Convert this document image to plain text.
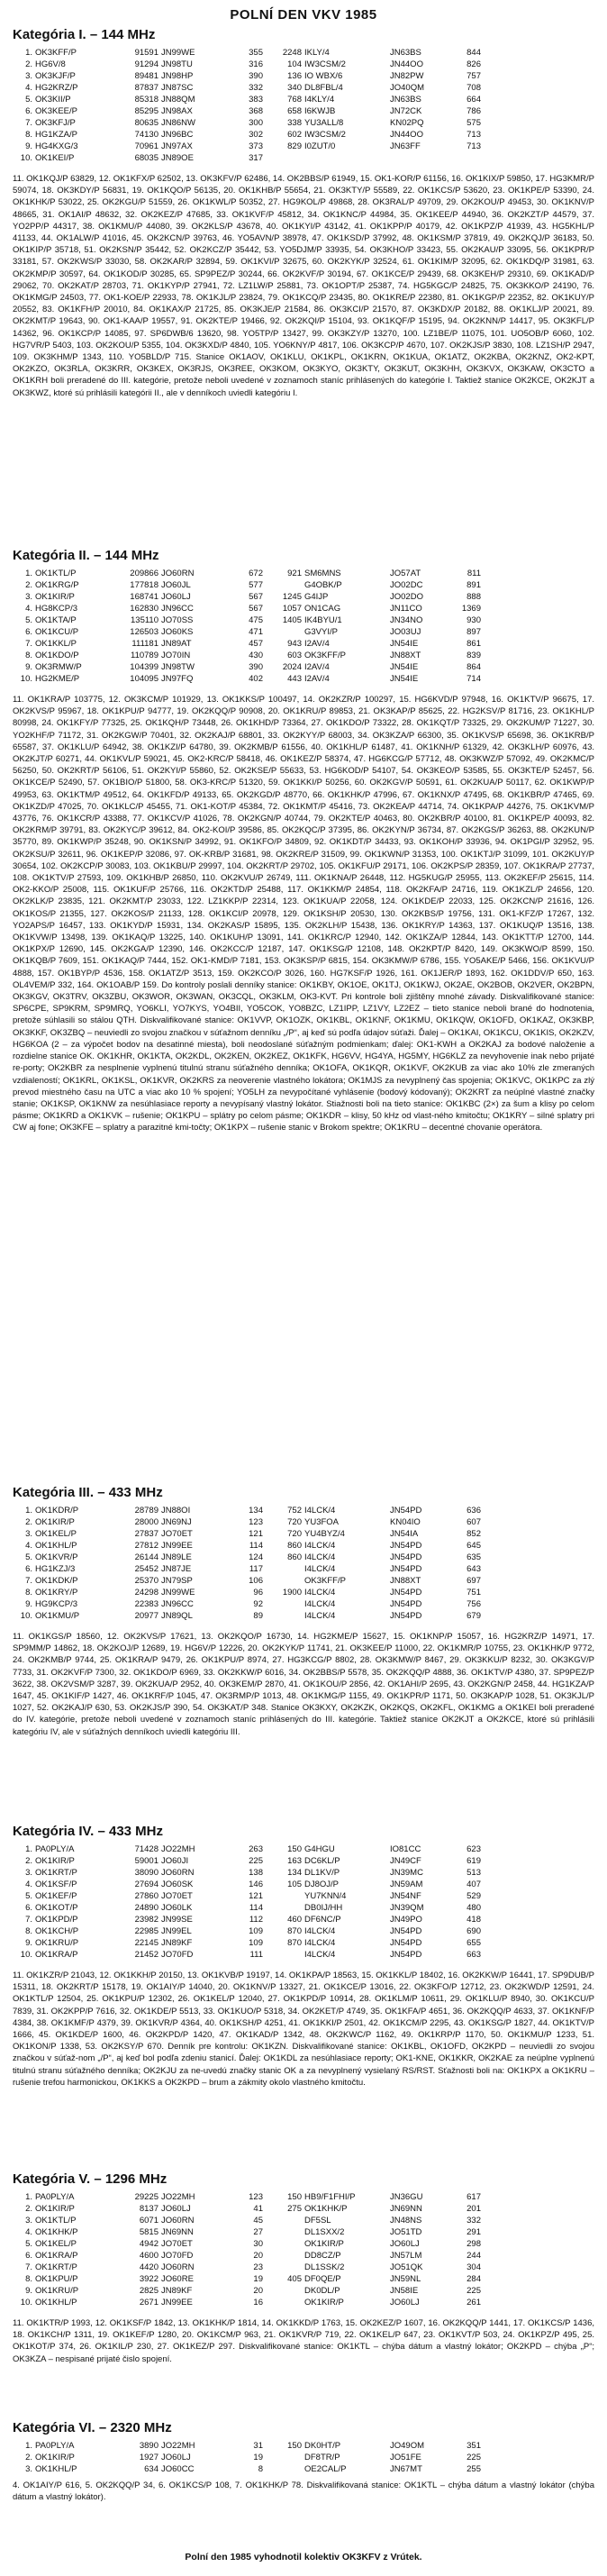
POLNÍ DEN VKV 1985
Kategória I. – 144 MHz
1.	OK3KFF/P	91591	JN99WE	355	2248	IKLY/4	JN63BS	844
2.	HG6V/8	91294	JN98TU	316	104	IW3CSM/2	JN44OO	826
3.	OK3KJF/P	89481	JN98HP	390	136	IO WBX/6	JN82PW	757
4.	HG2KRZ/P	87837	JN87SC	332	340	DL8FBL/4	JO40QM	708
5.	OK3KII/P	85318	JN88QM	383	768	I4KLY/4	JN63BS	664
6.	OK3KEE/P	85295	JN98AX	368	658	I6KWJB	JN72CK	786
7.	OK3KFJ/P	80635	JN86NW	300	338	YU3ALL/8	KN02PQ	575
8.	HG1KZA/P	74130	JN96BC	302	602	IW3CSM/2	JN44OO	713
9.	HG4KXG/3	70961	JN97AX	373	829	I0ZUT/0	JN63FF	713
10.	OK1KEI/P	68035	JN89OE	317				

11. OK1KQJ/P 63829, 12. OK1KFX/P 62502, 13. OK3KFV/P 62486, 14. OK2BBS/P 61949, 15. OK1-KOR/P 61156, 16. OK1KIX/P 59850, 17. HG3KMR/P 59074, 18. OK3KDY/P 56831, 19. OK1KQO/P 56135, 20. OK1KHB/P 55654, 21. OK3KTY/P 55589, 22. OK1KCS/P 53620, 23. OK1KPE/P 53390, 24. OK1KHK/P 53022, 25. OK2KGU/P 51559, 26. OK1KWL/P 50352, 27. HG9KOL/P 49868, 28. OK3RAL/P 49709, 29. OK2KOU/P 49453, 30. OK1KNV/P 48665, 31. OK1AI/P 48632, 32. OK2KEZ/P 47685, 33. OK1KVF/P 45812, 34. OK1KNC/P 44984, 35. OK1KEE/P 44940, 36. OK2KZT/P 44579, 37. YO2PP/P 44317, 38. OK1KMU/P 44080, 39. OK2KLS/P 43678, 40. OK1KYI/P 43142, 41. OK1KPP/P 40179, 42. OK1KPZ/P 41939, 43. HG5KHL/P 41133, 44. OK1ALW/P 41016, 45. OK2KCN/P 39763, 46. YO5AVN/P 38978, 47. OK1KSD/P 37992, 48. OK1KSM/P 37819, 49. OK2KQJ/P 36183, 50. OK1KIP/P 35718, 51. OK2KSN/P 35442, 52. OK2KCZ/P 35442, 53. YO5DJM/P 33935, 54. OK3KHO/P 33423, 55. OK2KAU/P 33095, 56. OK1KPR/P 33181, 57. OK2KWS/P 33030, 58. OK2KAR/P 32894, 59. OK1KVI/P 32675, 60. OK2KYK/P 32524, 61. OK1KIM/P 32095, 62. OK1KDQ/P 31981, 63. OK2KMP/P 30597, 64. OK1KOD/P 30285, 65. SP9PEZ/P 30244, 66. OK2KVF/P 30194, 67. OK1KCE/P 29439, 68. OK3KEH/P 29310, 69. OK1KAD/P 29062, 70. OK2KAT/P 28703, 71. OK1KYP/P 27941, 72. LZ1LW/P 25881, 73. OK1OPT/P 25387, 74. HG5KGC/P 24825, 75. OK3KKO/P 24190, 76. OK1KMG/P 24503, 77. OK1-KOE/P 22933, 78. OK1KJL/P 23824, 79. OK1KCQ/P 23435, 80. OK1KRE/P 22380, 81. OK1KGP/P 22352, 82. OK1KUY/P 20552, 83. OK1KFH/P 20010, 84. OK1KAX/P 21725, 85. OK3KJE/P 21584, 86. OK3KCI/P 21570, 87. OK3KDX/P 20182, 88. OK1KLJ/P 20021, 89. OK2KMT/P 19643, 90. OK1-KAA/P 19557, 91. OK2KTE/P 19466, 92. OK2KQI/P 15104, 93. OK1KQF/P 15195, 94. OK2KNN/P 14417, 95. OK3KFL/P 14362, 96. OK1KCP/P 14085, 97. SP6DWB/6 13620, 98. YO5TP/P 13427, 99. OK3KZY/P 13270, 100. LZ1BE/P 11075, 101. UO5OB/P 6060, 102. HG7VR/P 5403, 103. OK2KOU/P 5355, 104. OK3KXD/P 4840, 105. YO6KNY/P 4817, 106. OK3KCP/P 4670, 107. OK2KJS/P 3830, 108. LZ1SH/P 2947, 109. OK3KHM/P 1343, 110. YO5BLD/P 715. Stanice OK1AOV, OK1KLU, OK1KPL, OK1KRN, OK1KUA, OK1ATZ, OK2KBA, OK2KNZ, OK2-KPT, OK2KZO, OK3RLA, OK3KRR, OK3KEX, OK3RJS, OK3REE, OK3KOM, OK3KYO, OK3KTY, OK3KUT, OK3KHH, OK3KVX, OK3KAW, OK3CTO a OK1KRH boli preradené do III. kategórie, pretože neboli uvedené v zoznamoch staníc prihlásených do kategórie I. Taktiež stanice OK2KCE, OK2KJT a OK3KWZ, ktoré sú prihlásili kategórii II., ale v denníkoch uviedli kategóriu I.

Kategória II. – 144 MHz
1.	OK1KTL/P	209866	JO60RN	672	921	SM6MNS	JO57AT	811
2.	OK1KRG/P	177818	JO60JL	577		G4OBK/P	JO02DC	891
3.	OK1KIR/P	168741	JO60LJ	567	1245	G4IJP	JO02DO	888
4.	HG8KCP/3	162830	JN96CC	567	1057	ON1CAG	JN11CO	1369
5.	OK1KTA/P	135110	JO70SS	475	1405	IK4BYU/1	JN34NO	930
6.	OK1KCU/P	126503	JO60KS	471		G3VYI/P	JO03UJ	897
7.	OK1KKL/P	111181	JN89AT	457	943	I2AV/4	JN54IE	861
8.	OK1KDO/P	110789	JO70IN	430	603	OK3KFF/P	JN88XT	839
9.	OK3RMW/P	104399	JN98TW	390	2024	I2AV/4	JN54IE	864
10.	HG2KME/P	104095	JN97FQ	402	443	I2AV/4	JN54IE	714

11. OK1KRA/P 103775, 12. OK3KCM/P 101929, 13. OK1KKS/P 100497, 14. OK2KZR/P 100297, 15. HG6KVD/P 97948, 16. OK1KTV/P 96675, 17. OK2KVS/P 95967, 18. OK1KPU/P 94777, 19. OK2KQQ/P 90908, 20. OK1KRU/P 89853, 21. OK3KAP/P 85625, 22. HG2KSV/P 81716, 23. OK1KHL/P 80998, 24. OK1KFY/P 77325, 25. OK1KQH/P 73448, 26. OK1KHD/P 73364, 27. OK1KDO/P 73322, 28. OK1KQT/P 73325, 29. OK2KUM/P 71227, 30. YO2KHF/P 71172, 31. OK2KGW/P 70401, 32. OK2KAJ/P 68801, 33. OK2KYY/P 68003, 34. OK3KZA/P 66300, 35. OK1KVS/P 65698, 36. OK1KRB/P 65587, 37. OK1KLU/P 64942, 38. OK1KZI/P 64780, 39. OK2KMB/P 61556, 40. OK1KHL/P 61487, 41. OK1KNH/P 61329, 42. OK3KLH/P 60976, 43. OK2KJT/P 60271, 44. OK1KVL/P 59021, 45. OK2-KRC/P 58418, 46. OK1KEZ/P 58374, 47. HG6KCG/P 57712, 48. OK3KWZ/P 57092, 49. OK2KMC/P 56250, 50. OK2KRT/P 56106, 51. OK2KYI/P 55860, 52. OK2KSE/P 55633, 53. HG6KOD/P 54107, 54. OK3KEO/P 53585, 55. OK3KTE/P 52457, 56. OK1KCE/P 52490, 57. OK1BIO/P 51800, 58. OK3-KRC/P 51320, 59. OK1KKI/P 50256, 60. OK2KGV/P 50591, 61. OK2KUA/P 50117, 62. OK1KWP/P 49953, 63. OK1KTM/P 49512, 64. OK1KFD/P 49133, 65. OK2KGD/P 48770, 66. OK1KHK/P 47996, 67. OK1KNX/P 47495, 68. OK1KBR/P 47465, 69. OK1KZD/P 47025, 70. OK1KLC/P 45455, 71. OK1-KOT/P 45384, 72. OK1KMT/P 45416, 73. OK2KEA/P 44714, 74. OK1KPA/P 44276, 75. OK1KVM/P 43776, 76. OK1KCR/P 43388, 77. OK1KCV/P 41026, 78. OK2KGN/P 40744, 79. OK2KTE/P 40463, 80. OK2KBR/P 40100, 81. OK1KPE/P 40093, 82. OK2KRM/P 39791, 83. OK2KYC/P 39612, 84. OK2-KOI/P 39586, 85. OK2KQC/P 37395, 86. OK2KYN/P 36734, 87. OK2KGS/P 36263, 88. OK2KUN/P 35770, 89. OK1KWP/P 35248, 90. OK1KSN/P 34992, 91. OK1KFO/P 34809, 92. OK1KDT/P 34433, 93. OK1KOH/P 33936, 94. OK1PGI/P 32952, 95. OK2KSU/P 32611, 96. OK1KEP/P 32086, 97. OK-KRB/P 31681, 98. OK2KRE/P 31509, 99. OK1KWN/P 31353, 100. OK1KTJ/P 31099, 101. OK2KUY/P 30654, 102. OK2KCP/P 30083, 103. OK1KBU/P 29997, 104. OK2KRT/P 29702, 105. OK1KFU/P 29171, 106. OK2KPS/P 28359, 107. OK1KRA/P 27737, 108. OK1KTV/P 27593, 109. OK1KHB/P 26850, 110. OK2KVU/P 26749, 111. OK1KNA/P 26448, 112. HG5KUG/P 25955, 113. OK2KEF/P 25615, 114. OK2-KKO/P 25008, 115. OK1KUF/P 25766, 116. OK2KTD/P 25488, 117. OK1KKM/P 24854, 118. OK2KFA/P 24716, 119. OK1KZL/P 24656, 120. OK2KLK/P 23835, 121. OK2KMT/P 23033, 122. LZ1KKP/P 22314, 123. OK1KUA/P 22058, 124. OK1KDE/P 22033, 125. OK2KCN/P 21616, 126. OK1KOS/P 21355, 127. OK2KOS/P 21133, 128. OK1KCI/P 20978, 129. OK1KSH/P 20530, 130. OK2KBS/P 19756, 131. OK1-KFZ/P 17267, 132. YO2APS/P 16457, 133. OK1KYD/P 15931, 134. OK2KAS/P 15895, 135. OK2KLH/P 15438, 136. OK1KRY/P 14363, 137. OK1KUQ/P 13516, 138. OK1KVW/P 13498, 139. OK1KAQ/P 13225, 140. OK1KUH/P 13091, 141. OK1KRC/P 12940, 142. OK1KZA/P 12844, 143. OK1KTT/P 12700, 144. OK1KPX/P 12690, 145. OK2KGA/P 12390, 146. OK2KCC/P 12187, 147. OK1KSG/P 12108, 148. OK2KPT/P 8420, 149. OK3KWO/P 8599, 150. OK1KQB/P 7609, 151. OK1KAQ/P 7444, 152. OK1-KMD/P 7181, 153. OK3KSP/P 6815, 154. OK3KMW/P 6786, 155. YO5AKE/P 5466, 156. OK1KVU/P 4888, 157. OK1BYP/P 4536, 158. OK1ATZ/P 3513, 159. OK2KCO/P 3026, 160. HG7KSF/P 1926, 161. OK1JER/P 1893, 162. OK1DDV/P 650, 163. OL4VEM/P 332, 164. OK1OAB/P 159. Do kontroly poslali denníky stanice: OK1KBY, OK1OE, OK1TJ, OK1KWJ, OK2AE, OK2BOB, OK2VER, OK2BPN, OK3KGV, OK3TRV, OK3ZBU, OK3WOR, OK3WAN, OK3CQL, OK3KLM, OK3-KVT. Pri kontrole boli zjištěny mnohé závady. Diskvalifikované stanice: SP6CPE, SP9KRM, SP9MRQ, YO6KLI, YO7KYS, YO4BII, YO5COK, YO8BZC, LZ1IPP, LZ1VY, LZ2EZ – tieto stanice neboli brané do hodnotenia, pretože súhlasili so stálou QTH. Diskvalifikované stanice: OK1VVP, OK1OZK, OK1KBL, OK1KNF, OK1KMU, OK1KQW, OK1OFD, OK1KAZ, OK3KBP, OK3KKF, OK3ZBQ – neuviedli zo svojou značkou v súťažnom denníku „/P“, aj keď sú podľa údajov súťaži. Ďalej – OK1KAI, OK1KCU, OK1KIS, OK2KZV, HG6KOA (2 – za výpočet bodov na desatinné miesta), boli neodoslané súťažným podmienkam; ďalej: OK1-KWH a OK2KAJ za bodové naloženie a rozdielne stanice OK. OK1KHR, OK1KTA, OK2KDL, OK2KEN, OK2KEZ, OK1KFK, HG6VV, HG4YA, HG5MY, HG6KLZ za nevyhovenie inak nebo prijaté re-porty; OK2KBR za nesplnenie vyplnenú titulnú stranu súťažného denníka; OK1OFA, OK1KQR, OK1KVF, OK2KUB za viac ako 10% zle zmeraných vzdialeností; OK1KRL, OK1KSL, OK1KVR, OK2KRS za neoverenie vlastného lokátora; OK1MJS za nevyplnený čas spojenia; OK1KVC, OK1KPC za zlý prevod miestného času na UTC a viac ako 10 % spojení; YO5LH za nevypočítané vyhlásenie (bodový kódovaný); OK2KRT za neúplné vlastné značky stanie; OK1KSP, OK1KNW za nesúhlasiace reporty a nevypísaný vlastný lokátor. Stiažnosti boli na tieto stanice: OK1KBC (2×) za šum a klisy po celom pásme; OK1KRD a OK1KVK – rušenie; OK1KPU – splátry po celom pásme; OK1KDR – klisy, 50 kHz od vlast-ného kmitočtu; OK1KRY – silné splatry pri CW aj fone; OK3KFE – splatry a parazitné kmi-točty; OK1KPX – rušenie stanic v Brokom spektre; OK1KRU – decentné chovanie operátora.

Kategória III. – 433 MHz
1.	OK1KDR/P	28789	JN88OI	134	752	I4LCK/4	JN54PD	636
2.	OK1KIR/P	28000	JN69NJ	123	720	YU3FOA	KN04IO	607
3.	OK1KEL/P	27837	JO70ET	121	720	YU4BYZ/4	JN54IA	852
4.	OK1KHL/P	27812	JN99EE	114	860	I4LCK/4	JN54PD	645
5.	OK1KVR/P	26144	JN89LE	124	860	I4LCK/4	JN54PD	635
6.	HG1KZJ/3	25452	JN87JE	117		I4LCK/4	JN54PD	643
7.	OK1KDK/P	25370	JN79SP	106		OK3KFF/P	JN88XT	697
8.	OK1KRY/P	24298	JN99WE	96	1900	I4LCK/4	JN54PD	751
9.	HG9KCP/3	22383	JN96CC	92		I4LCK/4	JN54PD	756
10.	OK1KMU/P	20977	JN89QL	89		I4LCK/4	JN54PD	679

11. OK1KGS/P 18560, 12. OK2KVS/P 17621, 13. OK2KQO/P 16730, 14. HG2KME/P 15627, 15. OK1KNP/P 15057, 16. HG2KRZ/P 14971, 17. SP9MM/P 14862, 18. OK2KOJ/P 12689, 19. HG6V/P 12226, 20. OK2KYK/P 11741, 21. OK3KEE/P 11000, 22. OK1KMR/P 10755, 23. OK1KHK/P 9772, 24. OK2KMB/P 9744, 25. OK1KRA/P 9479, 26. OK1KPU/P 8974, 27. HG3KCG/P 8802, 28. OK3KMW/P 8467, 29. OK3KKU/P 8232, 30. OK3KGV/P 7733, 31. OK2KVF/P 7300, 32. OK1KDO/P 6969, 33. OK2KKW/P 6016, 34. OK2BBS/P 5578, 35. OK2KQQ/P 4888, 36. OK1KTV/P 4380, 37. SP9PEZ/P 3622, 38. OK2VSM/P 3287, 39. OK2KUA/P 2952, 40. OK3KEM/P 2870, 41. OK1KOU/P 2856, 42. OK1AHI/P 2695, 43. OK2KGN/P 2458, 44. HG1KZA/P 1647, 45. OK1KIF/P 1427, 46. OK1KRF/P 1045, 47. OK3RMP/P 1013, 48. OK1KMG/P 1155, 49. OK1KPR/P 1171, 50. OK3KAP/P 1028, 51. OK3KJL/P 1027, 52. OK2KAJ/P 630, 53. OK2KJS/P 390, 54. OK3KAT/P 348. Stanice OK3KXY, OK2KZK, OK2KQS, OK2KFL, OK1KMG a OK1KEI boli preradené do IV. kategórie, pretože neboli uvedené v zoznamoch staníc prihlásených do III. kategórie. Taktiež stanice OK2KJT a OK2KCE, ktoré sú prihlásili kategóriu IV, ale v súťažných denníkoch uviedli kategóriu III.

Kategória IV. – 433 MHz
1.	PA0PLY/A	71428	JO22MH	263	150	G4HGU	IO81CC	623
2.	OK1KIR/P	59001	JO60JI	225	163	DC6KL/P	JN49CF	619
3.	OK1KRT/P	38090	JO60RN	138	134	DL1KV/P	JN39MC	513
4.	OK1KSF/P	27694	JO60SK	146	105	DJ8OJ/P	JN59AM	407
5.	OK1KEF/P	27860	JO70ET	121		YU7KNN/4	JN54NF	529
6.	OK1KOT/P	24890	JO60LK	114		DB0IJ/HH	JN39QM	480
7.	OK1KPD/P	23982	JN99SE	112	460	DF6NC/P	JN49PO	418
8.	OK1KCH/P	22985	JN99EL	109	870	I4LCK/4	JN54PD	690
9.	OK1KRU/P	22145	JN89KF	109	870	I4LCK/4	JN54PD	655
10.	OK1KRA/P	21452	JO70FD	111		I4LCK/4	JN54PD	663

11. OK1KZR/P 21043, 12. OK1KKH/P 20150, 13. OK1KVB/P 19197, 14. OK1KPA/P 18563, 15. OK1KKL/P 18402, 16. OK2KKW/P 16441, 17. SP9DUB/P 15311, 18. OK2KRT/P 15178, 19. OK1AIY/P 14040, 20. OK1KNV/P 13327, 21. OK1KCE/P 13016, 22. OK3KFO/P 12712, 23. OK2KWD/P 12591, 24. OK1KTL/P 12504, 25. OK1KPU/P 12302, 26. OK1KEL/P 12040, 27. OK1KPD/P 10914, 28. OK1KLM/P 10611, 29. OK1KLU/P 8940, 30. OK1KCU/P 7839, 31. OK2KPP/P 7616, 32. OK1KDE/P 5513, 33. OK1KUO/P 5318, 34. OK2KET/P 4749, 35. OK1KFA/P 4651, 36. OK2KQQ/P 4633, 37. OK1KNF/P 4384, 38. OK1KMF/P 4379, 39. OK1KVR/P 4364, 40. OK1KSH/P 4251, 41. OK1KKI/P 2501, 42. OK1KCM/P 2295, 43. OK1KSG/P 1827, 44. OK1KTV/P 1666, 45. OK1KDE/P 1600, 46. OK2KPD/P 1420, 47. OK1KAD/P 1342, 48. OK2KWC/P 1162, 49. OK1KRP/P 1170, 50. OK1KMU/P 1233, 51. OK1KON/P 1338, 53. OK2KSY/P 670. Denník pre kontrolu: OK1KZN. Diskvalifikované stanice: OK1KBL, OK1OFD, OK2KPD – neuviedli zo svojou značkou v súťaž-nom „/P“, aj keď bol podľa zdeniu stanicí. Ďalej: OK1KDL za nesúhlasiace reporty; OK1-KNE, OK1KKR, OK2KAE za neúplne vyplnenú titulnú stranu súťažného denníka; OK2KJU za ne-uvedú značky stanic OK a za nevyplnený vysielaný RS/RST. Sťažnosti boli na: OK1KPX a OK1KRU – rušenie trefou harmonickou, OK1KKS a OK2KPD – brum a zákmity okolo vlastného kmitočtu.

Kategória V. – 1296 MHz
1.	PA0PLY/A	29225	JO22MH	123	150	HB9/F1FHI/P	JN36GU	617
2.	OK1KIR/P	8137	JO60LJ	41	275	OK1KHK/P	JN69NN	201
3.	OK1KTL/P	6071	JO60RN	45		DF5SL	JN48NS	332
4.	OK1KHK/P	5815	JN69NN	27		DL1SXX/2	JO51TD	291
5.	OK1KEL/P	4942	JO70ET	30		OK1KIR/P	JO60LJ	298
6.	OK1KRA/P	4600	JO70FD	20		DD8CZ/P	JN57LM	244
7.	OK1KRT/P	4420	JO60RN	23		DL1SSK/2	JO51QK	304
8.	OK1KPU/P	3922	JO60RE	19	405	DF0QE/P	JN59NL	284
9.	OK1KRU/P	2825	JN89KF	20		DK0DL/P	JN58IE	225
10.	OK1KHL/P	2671	JN99EE	16		OK1KIR/P	JO60LJ	261

11. OK1KTR/P 1993, 12. OK1KSF/P 1842, 13. OK1KHK/P 1814, 14. OK1KKD/P 1763, 15. OK2KEZ/P 1607, 16. OK2KQQ/P 1441, 17. OK1KCS/P 1436, 18. OK1KCH/P 1311, 19. OK1KEF/P 1280, 20. OK1KCM/P 963, 21. OK1KVR/P 719, 22. OK1KEL/P 647, 23. OK1KVT/P 503, 24. OK1KPZ/P 495, 25. OK1KOT/P 374, 26. OK1KIL/P 230, 27. OK1KEZ/P 297. Diskvalifikované stanice: OK1KTL – chýba dátum a vlastný lokátor; OK2KPD – chýba „P“; OK3KZA – nespisané prijaté čislo spojení.

Kategória VI. – 2320 MHz
1.	PA0PLY/A	3890	JO22MH	31	150	DK0HT/P	JO49OM	351
2.	OK1KIR/P	1927	JO60LJ	19		DF8TR/P	JO51FE	225
3.	OK1KHL/P	634	JO60CC	8		OE2CAL/P	JN67MT	255

4. OK1AIY/P 616, 5. OK2KQQ/P 34, 6. OK1KCS/P 108, 7. OK1KHK/P 78. Diskvalifikovaná stanice: OK1KTL – chýba dátum a vlastný lokátor (chýba dátum a vlastný lokátor).

Polní den 1985 vyhodnotil kolektiv OK3KFV z Vrútek.
